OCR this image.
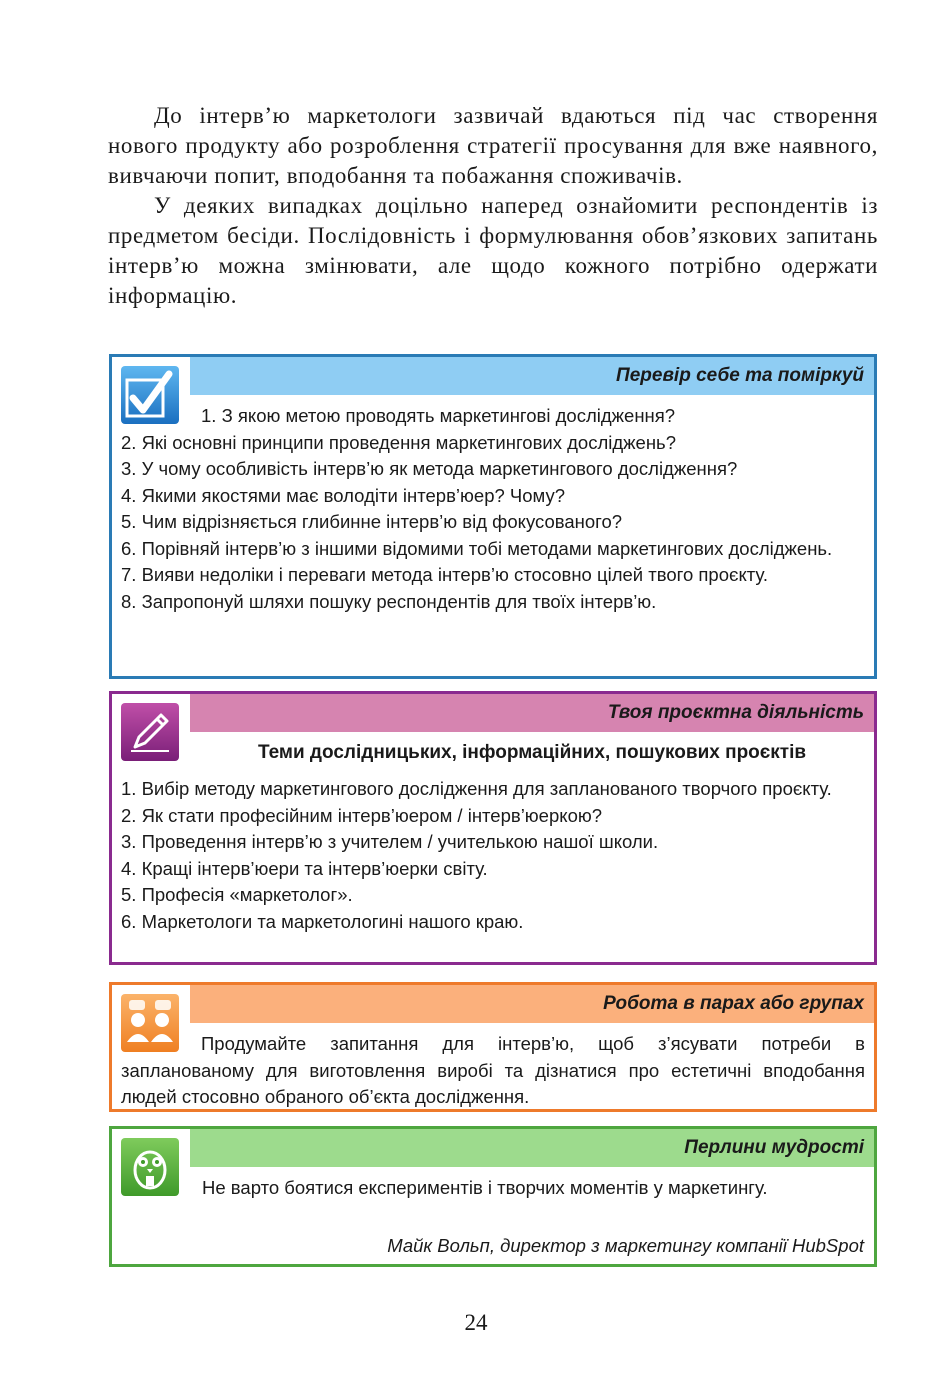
До інтерв’ю маркетологи зазвичай вдаються під час створення нового продукту або розроблення стратегії просування для вже наявного, вивчаючи попит, вподобання та побажання споживачів.

У деяких випадках доцільно наперед ознайомити респондентів із предметом бесіди. Послідовність і формулювання обов’язкових запитань інтерв’ю можна змінювати, але щодо кожного потрібно одержати інформацію.

Перевір себе та поміркуй
1. З якою метою проводять маркетингові дослідження?
2. Які основні принципи проведення маркетингових досліджень?
3. У чому особливість інтерв’ю як метода маркетингового дослідження?
4. Якими якостями має володіти інтерв’юер? Чому?
5. Чим відрізняється глибинне інтерв’ю від фокусованого?
6. Порівняй інтерв’ю з іншими відомими тобі методами маркетингових досліджень.
7. Вияви недоліки і переваги метода інтерв’ю стосовно цілей твого проєкту.
8. Запропонуй шляхи пошуку респондентів для твоїх інтерв’ю.
Твоя проєктна діяльність
Теми дослідницьких, інформаційних, пошукових проєктів
1. Вибір методу маркетингового дослідження для запланованого творчого проєкту.
2. Як стати професійним інтерв’юером / інтерв’юеркою?
3. Проведення інтерв’ю з учителем / учителькою нашої школи.
4. Кращі інтерв’юери та інтерв’юерки світу.
5. Професія «маркетолог».
6. Маркетологи та маркетологині нашого краю.
Робота в парах або групах
Продумайте запитання для інтерв’ю, щоб з’ясувати потреби в запланованому для виготовлення виробі та дізнатися про естетичні вподобання людей стосовно обраного об’єкта дослідження.
Перлини мудрості
Не варто боятися експериментів і творчих моментів у маркетингу.
Майк Вольп, директор з маркетингу компанії HubSpot
24
